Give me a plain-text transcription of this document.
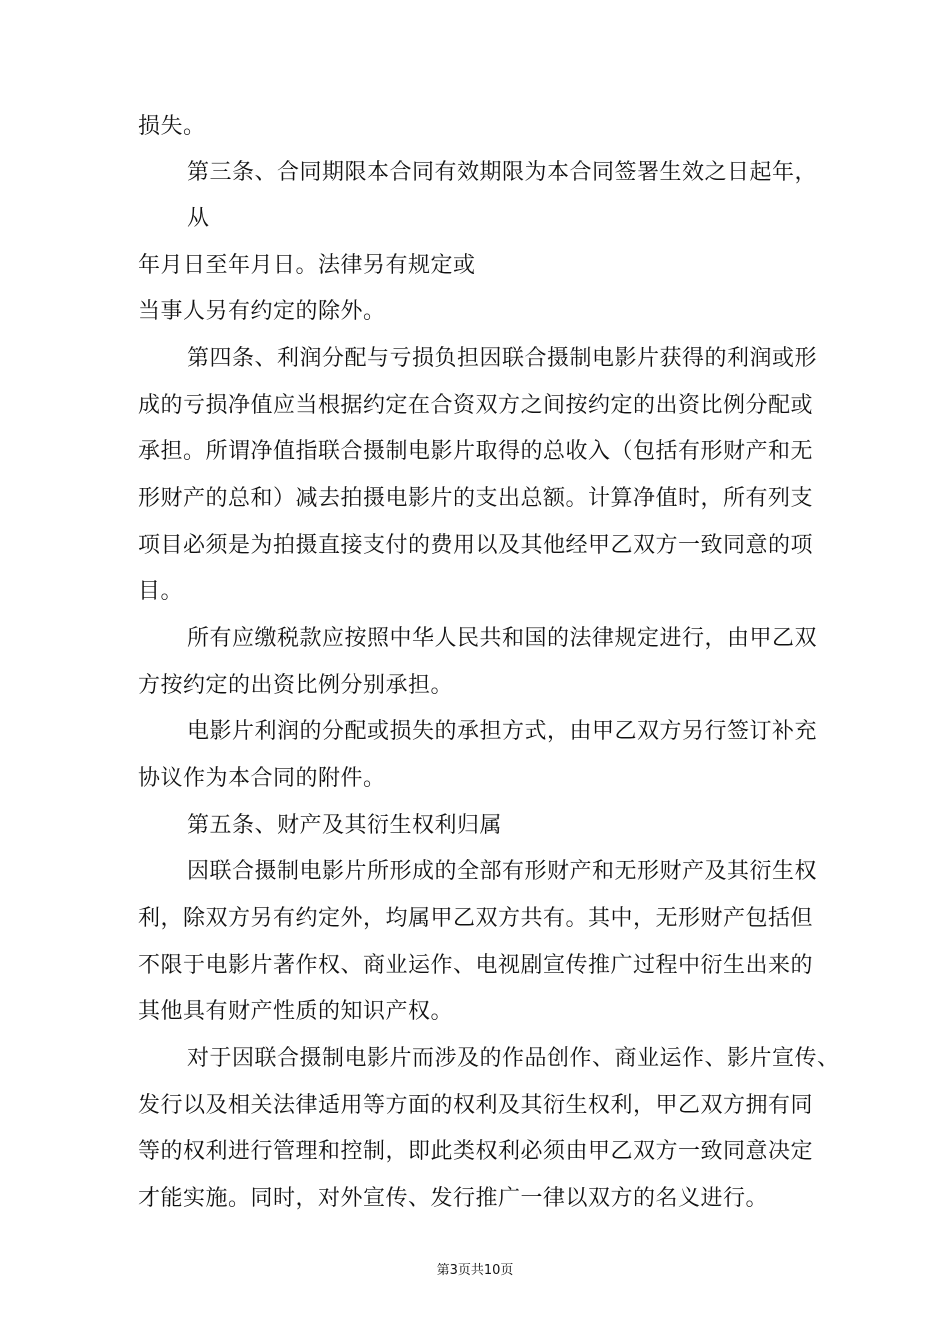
损失。
第三条、合同期限本合同有效期限为本合同签署生效之日起年，
从
年月日至年月日。法律另有规定或
当事人另有约定的除外。
第四条、利润分配与亏损负担因联合摄制电影片获得的利润或形
成的亏损净值应当根据约定在合资双方之间按约定的出资比例分配或
承担。所谓净值指联合摄制电影片取得的总收入（包括有形财产和无
形财产的总和）减去拍摄电影片的支出总额。计算净值时，所有列支
项目必须是为拍摄直接支付的费用以及其他经甲乙双方一致同意的项
目。
所有应缴税款应按照中华人民共和国的法律规定进行，由甲乙双
方按约定的出资比例分别承担。
电影片利润的分配或损失的承担方式，由甲乙双方另行签订补充
协议作为本合同的附件。
第五条、财产及其衍生权利归属
因联合摄制电影片所形成的全部有形财产和无形财产及其衍生权
利，除双方另有约定外，均属甲乙双方共有。其中，无形财产包括但
不限于电影片著作权、商业运作、电视剧宣传推广过程中衍生出来的
其他具有财产性质的知识产权。
对于因联合摄制电影片而涉及的作品创作、商业运作、影片宣传、
发行以及相关法律适用等方面的权利及其衍生权利，甲乙双方拥有同
等的权利进行管理和控制，即此类权利必须由甲乙双方一致同意决定
才能实施。同时，对外宣传、发行推广一律以双方的名义进行。
第3页共10页
